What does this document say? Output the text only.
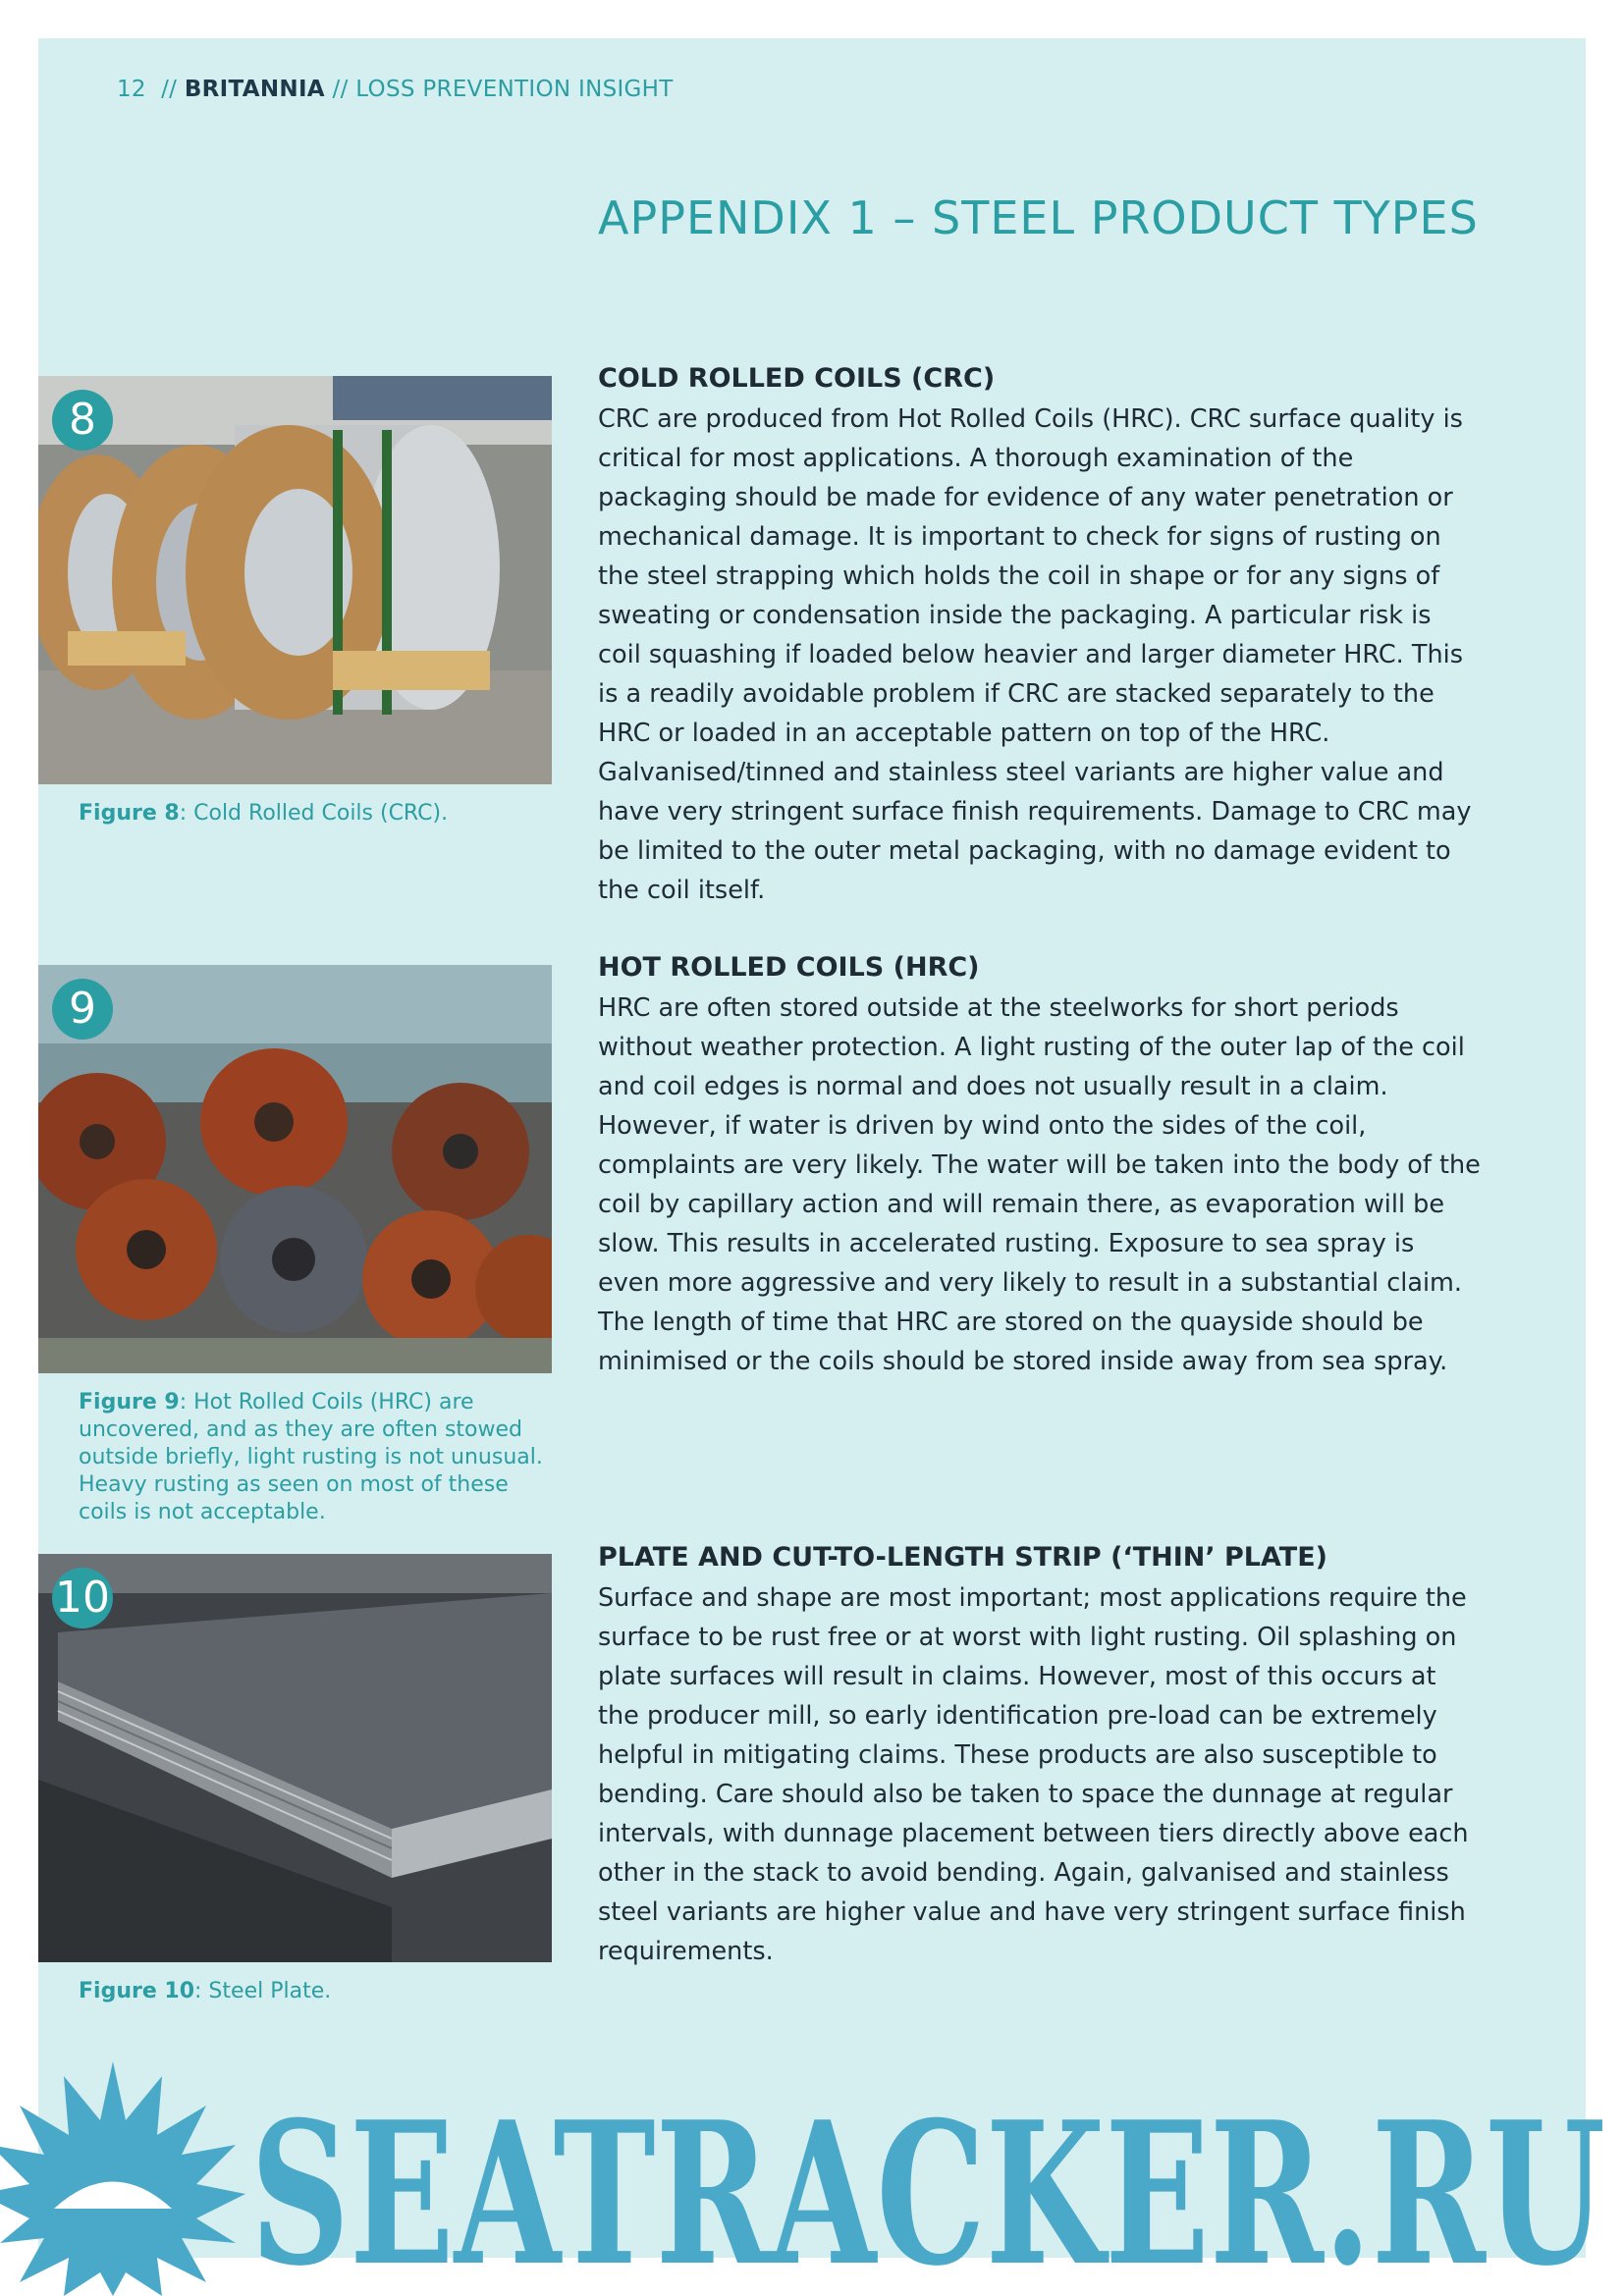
12 // BRITANNIA // LOSS PREVENTION INSIGHT
APPENDIX 1 – STEEL PRODUCT TYPES
8
Figure 8: Cold Rolled Coils (CRC).
9
Figure 9: Hot Rolled Coils (HRC) are uncovered, and as they are often stowed outside briefly, light rusting is not unusual. Heavy rusting as seen on most of these coils is not acceptable.
10
Figure 10: Steel Plate.
COLD ROLLED COILS (CRC)

CRC are produced from Hot Rolled Coils (HRC). CRC surface quality is critical for most applications. A thorough examination of the packaging should be made for evidence of any water penetration or mechanical damage. It is important to check for signs of rusting on the steel strapping which holds the coil in shape or for any signs of sweating or condensation inside the packaging. A particular risk is coil squashing if loaded below heavier and larger diameter HRC. This is a readily avoidable problem if CRC are stacked separately to the HRC or loaded in an acceptable pattern on top of the HRC. Galvanised/tinned and stainless steel variants are higher value and have very stringent surface finish requirements. Damage to CRC may be limited to the outer metal packaging, with no damage evident to the coil itself.

HOT ROLLED COILS (HRC)

HRC are often stored outside at the steelworks for short periods without weather protection. A light rusting of the outer lap of the coil and coil edges is normal and does not usually result in a claim. However, if water is driven by wind onto the sides of the coil, complaints are very likely. The water will be taken into the body of the coil by capillary action and will remain there, as evaporation will be slow. This results in accelerated rusting. Exposure to sea spray is even more aggressive and very likely to result in a substantial claim. The length of time that HRC are stored on the quayside should be minimised or the coils should be stored inside away from sea spray.

PLATE AND CUT-TO-LENGTH STRIP (‘THIN’ PLATE)

Surface and shape are most important; most applications require the surface to be rust free or at worst with light rusting. Oil splashing on plate surfaces will result in claims. However, most of this occurs at the producer mill, so early identification pre-load can be extremely helpful in mitigating claims. These products are also susceptible to bending. Care should also be taken to space the dunnage at regular intervals, with dunnage placement between tiers directly above each other in the stack to avoid bending. Again, galvanised and stainless steel variants are higher value and have very stringent surface finish requirements.

SEATRACKER.RU
